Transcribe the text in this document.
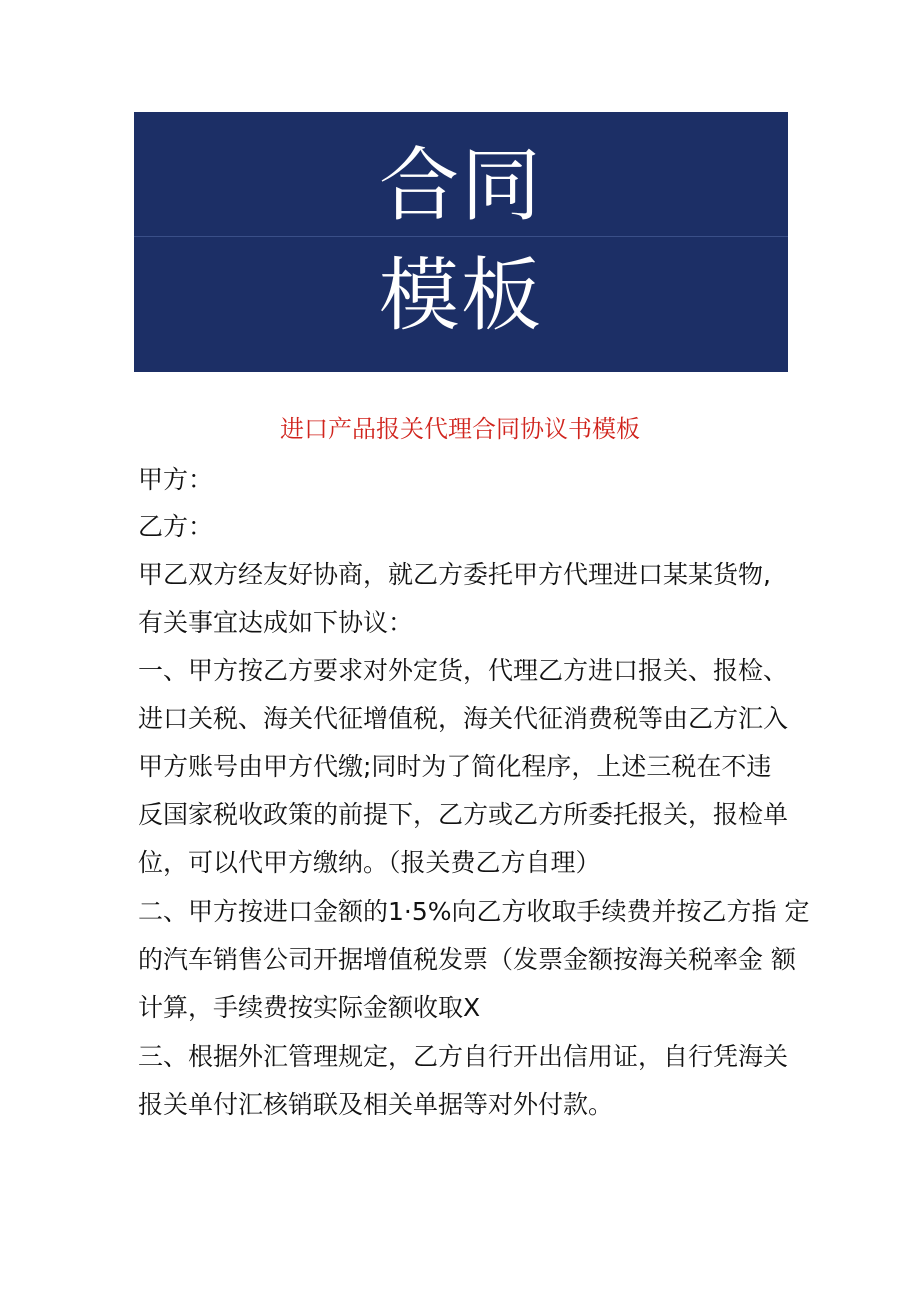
合同
模板
进口产品报关代理合同协议书模板
甲方：
乙方：
甲乙双方经友好协商，就乙方委托甲方代理进口某某货物,
有关事宜达成如下协议：
一、甲方按乙方要求对外定货，代理乙方进口报关、报检、
进口关税、海关代征增值税，海关代征消费税等由乙方汇入
甲方账号由甲方代缴;同时为了简化程序，上述三税在不违
反国家税收政策的前提下，乙方或乙方所委托报关，报检单
位，可以代甲方缴纳。（报关费乙方自理）
二、甲方按进口金额的1·5%向乙方收取手续费并按乙方指 定
的汽车销售公司开据增值税发票（发票金额按海关税率金 额
计算，手续费按实际金额收取X
三、根据外汇管理规定，乙方自行开出信用证，自行凭海关
报关单付汇核销联及相关单据等对外付款。
